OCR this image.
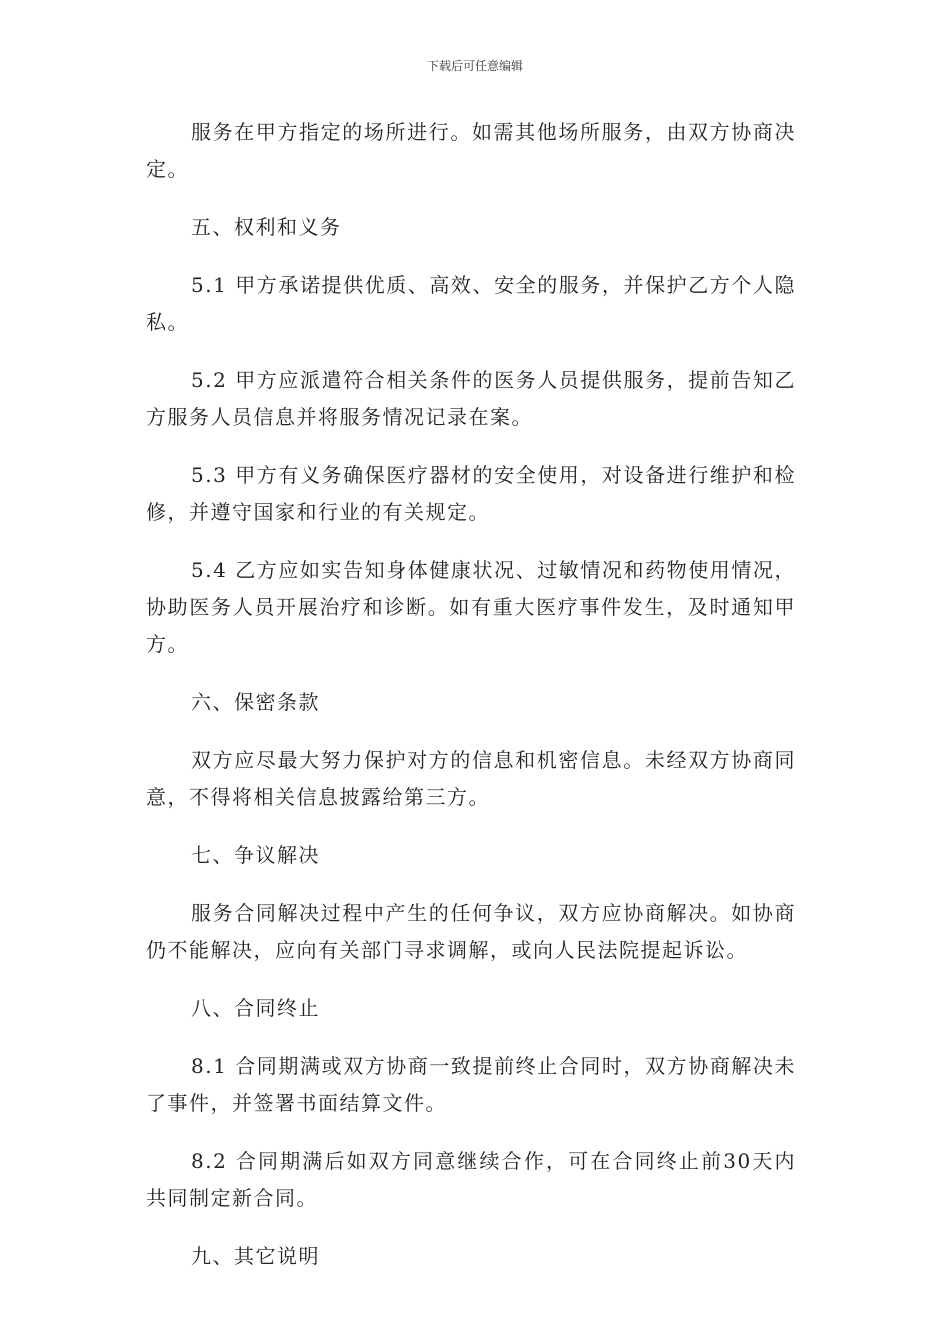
下载后可任意编辑

服务在甲方指定的场所进行。如需其他场所服务，由双方协商决定。

五、权利和义务

5.1 甲方承诺提供优质、高效、安全的服务，并保护乙方个人隐私。

5.2 甲方应派遣符合相关条件的医务人员提供服务，提前告知乙方服务人员信息并将服务情况记录在案。

5.3 甲方有义务确保医疗器材的安全使用，对设备进行维护和检修，并遵守国家和行业的有关规定。

5.4 乙方应如实告知身体健康状况、过敏情况和药物使用情况，协助医务人员开展治疗和诊断。如有重大医疗事件发生，及时通知甲方。

六、保密条款

双方应尽最大努力保护对方的信息和机密信息。未经双方协商同意，不得将相关信息披露给第三方。

七、争议解决

服务合同解决过程中产生的任何争议，双方应协商解决。如协商仍不能解决，应向有关部门寻求调解，或向人民法院提起诉讼。

八、合同终止

8.1 合同期满或双方协商一致提前终止合同时，双方协商解决未了事件，并签署书面结算文件。

8.2 合同期满后如双方同意继续合作，可在合同终止前30天内共同制定新合同。

九、其它说明
